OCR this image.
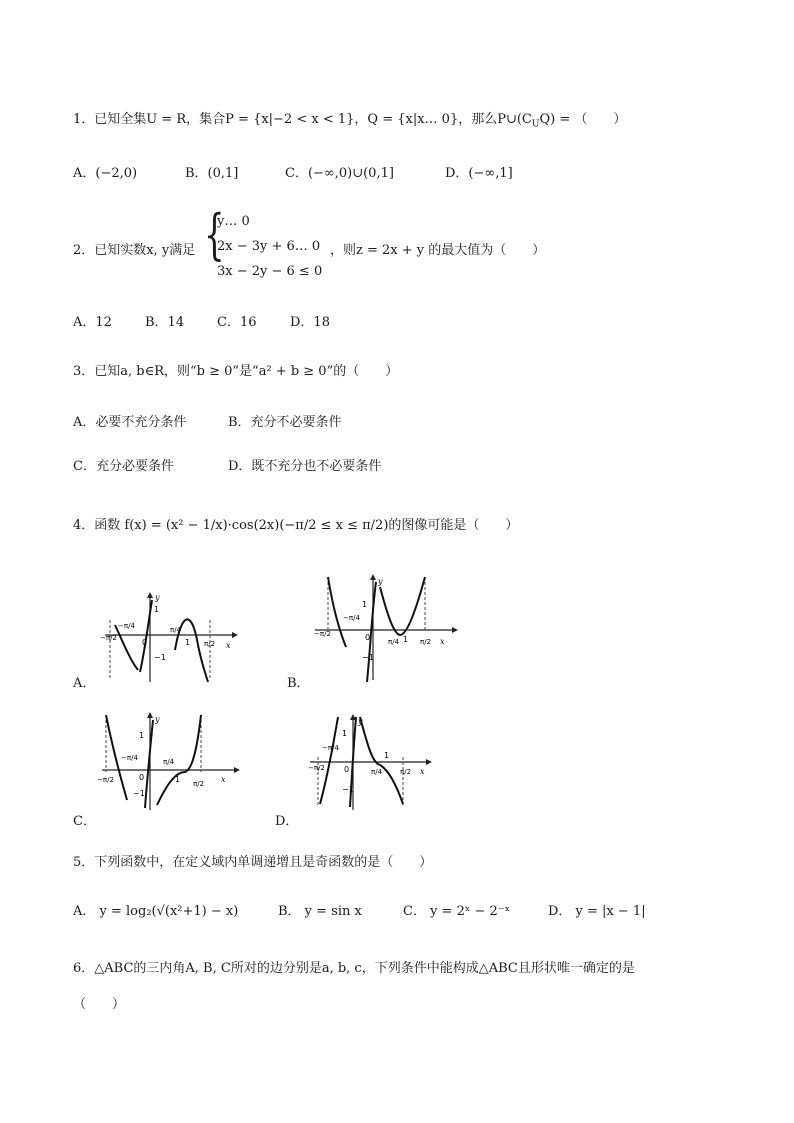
1．已知全集U = R，集合P = {x|−2 < x < 1}，Q = {x|x… 0}，那么$P\cup(C_UQ)$ = （　　）
A．(−2,0)	B．(0,1]	C．(−∞,0)∪(0,1]	D．(−∞,1]
2．已知实数x, y满足 {
y… 0
2x − 3y + 6… 0
3x − 2y − 6 ≤ 0
，则z = 2x + y 的最大值为（　　）
A．12	B．14	C．16	D．18
3．已知a, b∈R，则“b ≥ 0”是“a² + b ≥ 0”的（　　）
A．必要不充分条件	B．充分不必要条件
C．充分必要条件	D．既不充分也不必要条件
4．函数 f(x) = (x² − 1/x)·cos(2x)(−π/2 ≤ x ≤ π/2)的图像可能是（　　）
1
−1
0
−π/2
−π/4	π/4
1 π/2 x
y
A．
1
−1
0
−π/2
−π/4
π/4 1 π/2 x
y
B．
1
−1
0
−π/2
−π/4	π/4
1 π/2 x
y
C．
1
−1
0
−π/2
−π/4
π/4
1
π/2 x
y
D．
5．下列函数中，在定义域内单调递增且是奇函数的是（　　）
A． y = log₂(√(x²+1) − x)	B． y = sin x	C． y = 2ˣ − 2⁻ˣ	D． y = |x − 1|
6．△ABC的三内角A, B, C所对的边分别是a, b, c，下列条件中能构成△ABC且形状唯一确定的是
（　　）
